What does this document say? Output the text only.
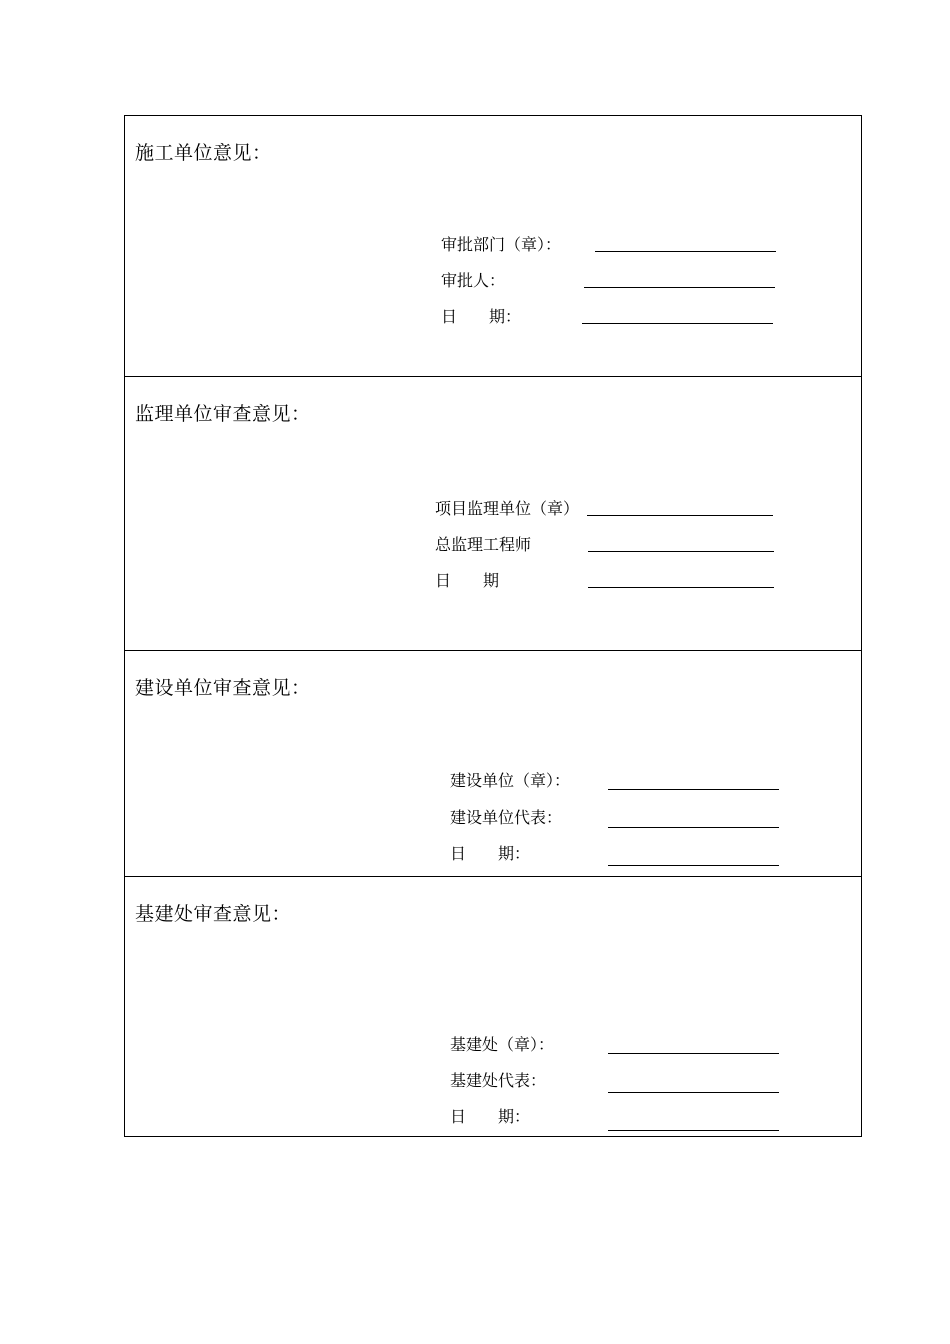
施工单位意见：
审批部门（章）：
审批人：
日　　期：
监理单位审查意见：
项目监理单位（章）
总监理工程师
日　　期
建设单位审查意见：
建设单位（章）：
建设单位代表：
日　　期：
基建处审查意见：
基建处（章）：
基建处代表：
日　　期：
